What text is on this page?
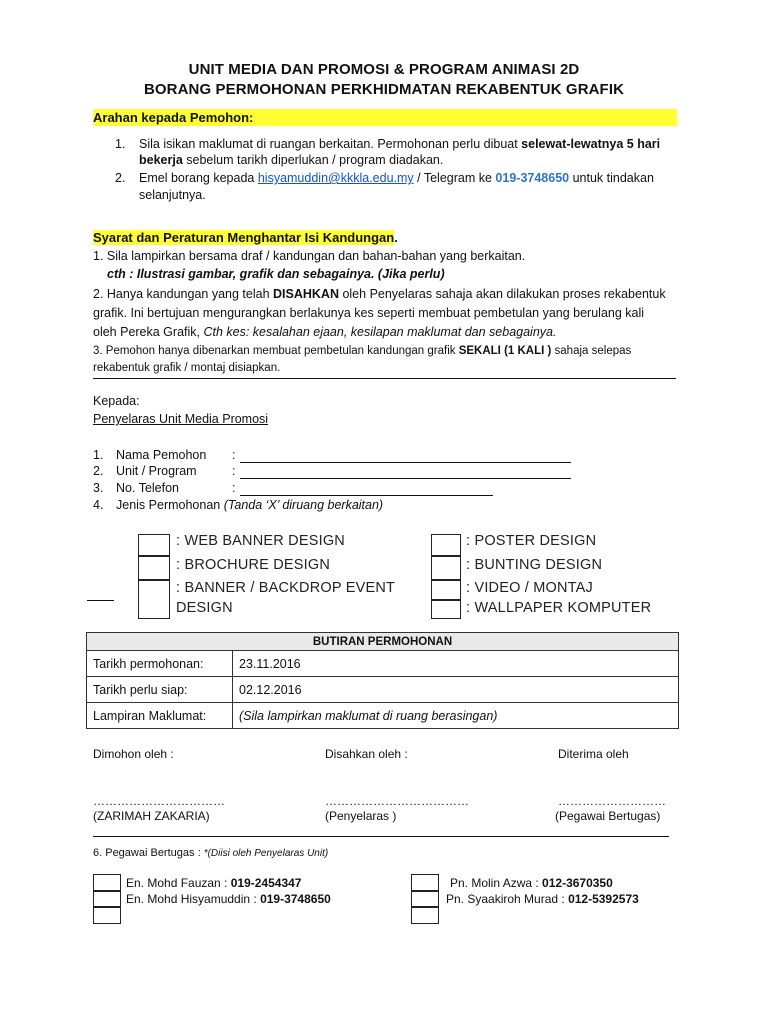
UNIT MEDIA DAN PROMOSI & PROGRAM ANIMASI 2D
BORANG PERMOHONAN PERKHIDMATAN REKABENTUK GRAFIK
Arahan kepada Pemohon:
1. Sila isikan maklumat di ruangan berkaitan. Permohonan perlu dibuat selewat-lewatnya 5 hari
bekerja sebelum tarikh diperlukan / program diadakan.
2. Emel borang kepada hisyamuddin@kkkla.edu.my / Telegram ke 019-3748650 untuk tindakan
selanjutnya.
Syarat dan Peraturan Menghantar Isi Kandungan.
1. Sila lampirkan bersama draf / kandungan dan bahan-bahan yang berkaitan.
cth : Ilustrasi gambar, grafik dan sebagainya. (Jika perlu)
2. Hanya kandungan yang telah DISAHKAN oleh Penyelaras sahaja akan dilakukan proses rekabentuk
grafik. Ini bertujuan mengurangkan berlakunya kes seperti membuat pembetulan yang berulang kali
oleh Pereka Grafik, Cth kes: kesalahan ejaan, kesilapan maklumat dan sebagainya.
3. Pemohon hanya dibenarkan membuat pembetulan kandungan grafik SEKALI (1 KALI ) sahaja selepas
rekabentuk grafik / montaj disiapkan.
Kepada:
Penyelaras Unit Media Promosi
1. Nama Pemohon :
2. Unit / Program	:
3. No. Telefon	:
4. Jenis Permohonan (Tanda ‘X’ diruang berkaitan)
: WEB BANNER DESIGN
: BROCHURE DESIGN
: BANNER / BACKDROP EVENT
DESIGN
: POSTER DESIGN
: BUNTING DESIGN
: VIDEO / MONTAJ
: WALLPAPER KOMPUTER
BUTIRAN PERMOHONAN	
Tarikh permohonan:	23.11.2016
Tarikh perlu siap:	02.12.2016
Lampiran Maklumat:	(Sila lampirkan maklumat di ruang berasingan)
Dimohon oleh :	Disahkan oleh :	Diterima oleh
……………………………	………………………………	………………………
(ZARIMAH ZAKARIA)	(Penyelaras )	(Pegawai Bertugas)
6. Pegawai Bertugas : *(Diisi oleh Penyelaras Unit)
En. Mohd Fauzan : 019-2454347
En. Mohd Hisyamuddin : 019-3748650
Pn. Molin Azwa : 012-3670350
Pn. Syaakiroh Murad : 012-5392573
